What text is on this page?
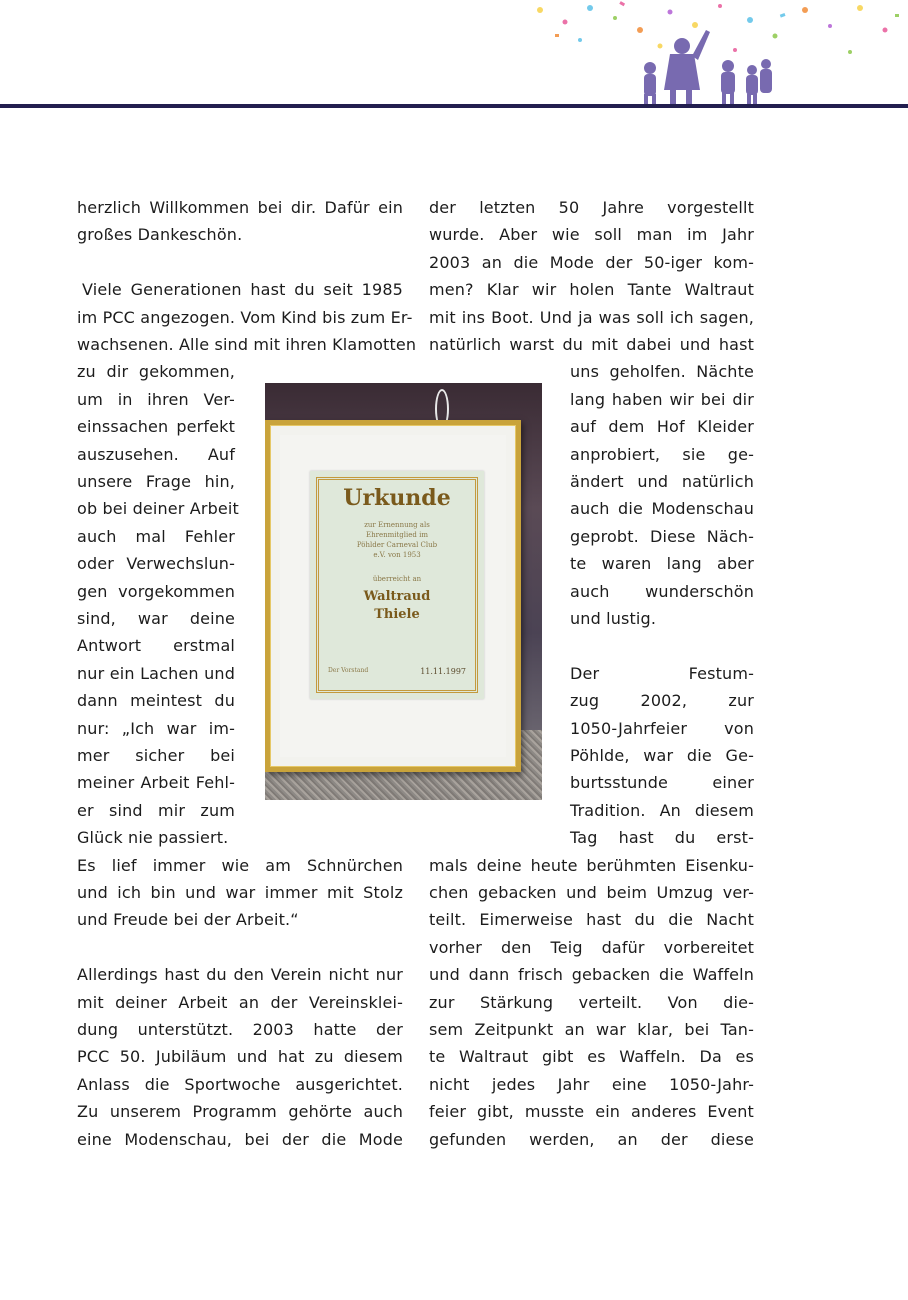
herzlich Willkommen bei dir. Dafür ein
großes Dankeschön.
Viele Generationen hast du seit 1985
im PCC angezogen. Vom Kind bis zum Er-
wachsenen. Alle sind mit ihren Klamotten
zu dir gekommen,
um in ihren Ver-
einssachen perfekt
auszusehen. Auf
unsere Frage hin,
ob bei deiner Arbeit
auch mal Fehler
oder Verwechslun-
gen vorgekommen
sind, war deine
Antwort erstmal
nur ein Lachen und
dann meintest du
nur: „Ich war im-
mer sicher bei
meiner Arbeit Fehl-
er sind mir zum
Glück nie passiert.
Es lief immer wie am Schnürchen
und ich bin und war immer mit Stolz
und Freude bei der Arbeit.“
Allerdings hast du den Verein nicht nur
mit deiner Arbeit an der Vereinsklei-
dung unterstützt. 2003 hatte der
PCC 50. Jubiläum und hat zu diesem
Anlass die Sportwoche ausgerichtet.
Zu unserem Programm gehörte auch
eine Modenschau, bei der die Mode
der letzten 50 Jahre vorgestellt
wurde. Aber wie soll man im Jahr
2003 an die Mode der 50-iger kom-
men? Klar wir holen Tante Waltraut
mit ins Boot. Und ja was soll ich sagen,
natürlich warst du mit dabei und hast
uns geholfen. Nächte
lang haben wir bei dir
auf dem Hof Kleider
anprobiert, sie ge-
ändert und natürlich
auch die Modenschau
geprobt. Diese Näch-
te waren lang aber
auch wunderschön
und lustig.
Der Festum-
zug 2002, zur
1050-Jahrfeier von
Pöhlde, war die Ge-
burtsstunde einer
Tradition. An diesem
Tag hast du erst-
mals deine heute berühmten Eisenku-
chen gebacken und beim Umzug ver-
teilt. Eimerweise hast du die Nacht
vorher den Teig dafür vorbereitet
und dann frisch gebacken die Waffeln
zur Stärkung verteilt. Von die-
sem Zeitpunkt an war klar, bei Tan-
te Waltraut gibt es Waffeln. Da es
nicht jedes Jahr eine 1050-Jahr-
feier gibt, musste ein anderes Event
gefunden werden, an der diese
Urkunde
zur Ernennung als
Ehrenmitglied im
Pöhlder Carneval Club
e.V. von 1953
überreicht an
Waltraud
Thiele
Der Vorstand	11.11.1997
